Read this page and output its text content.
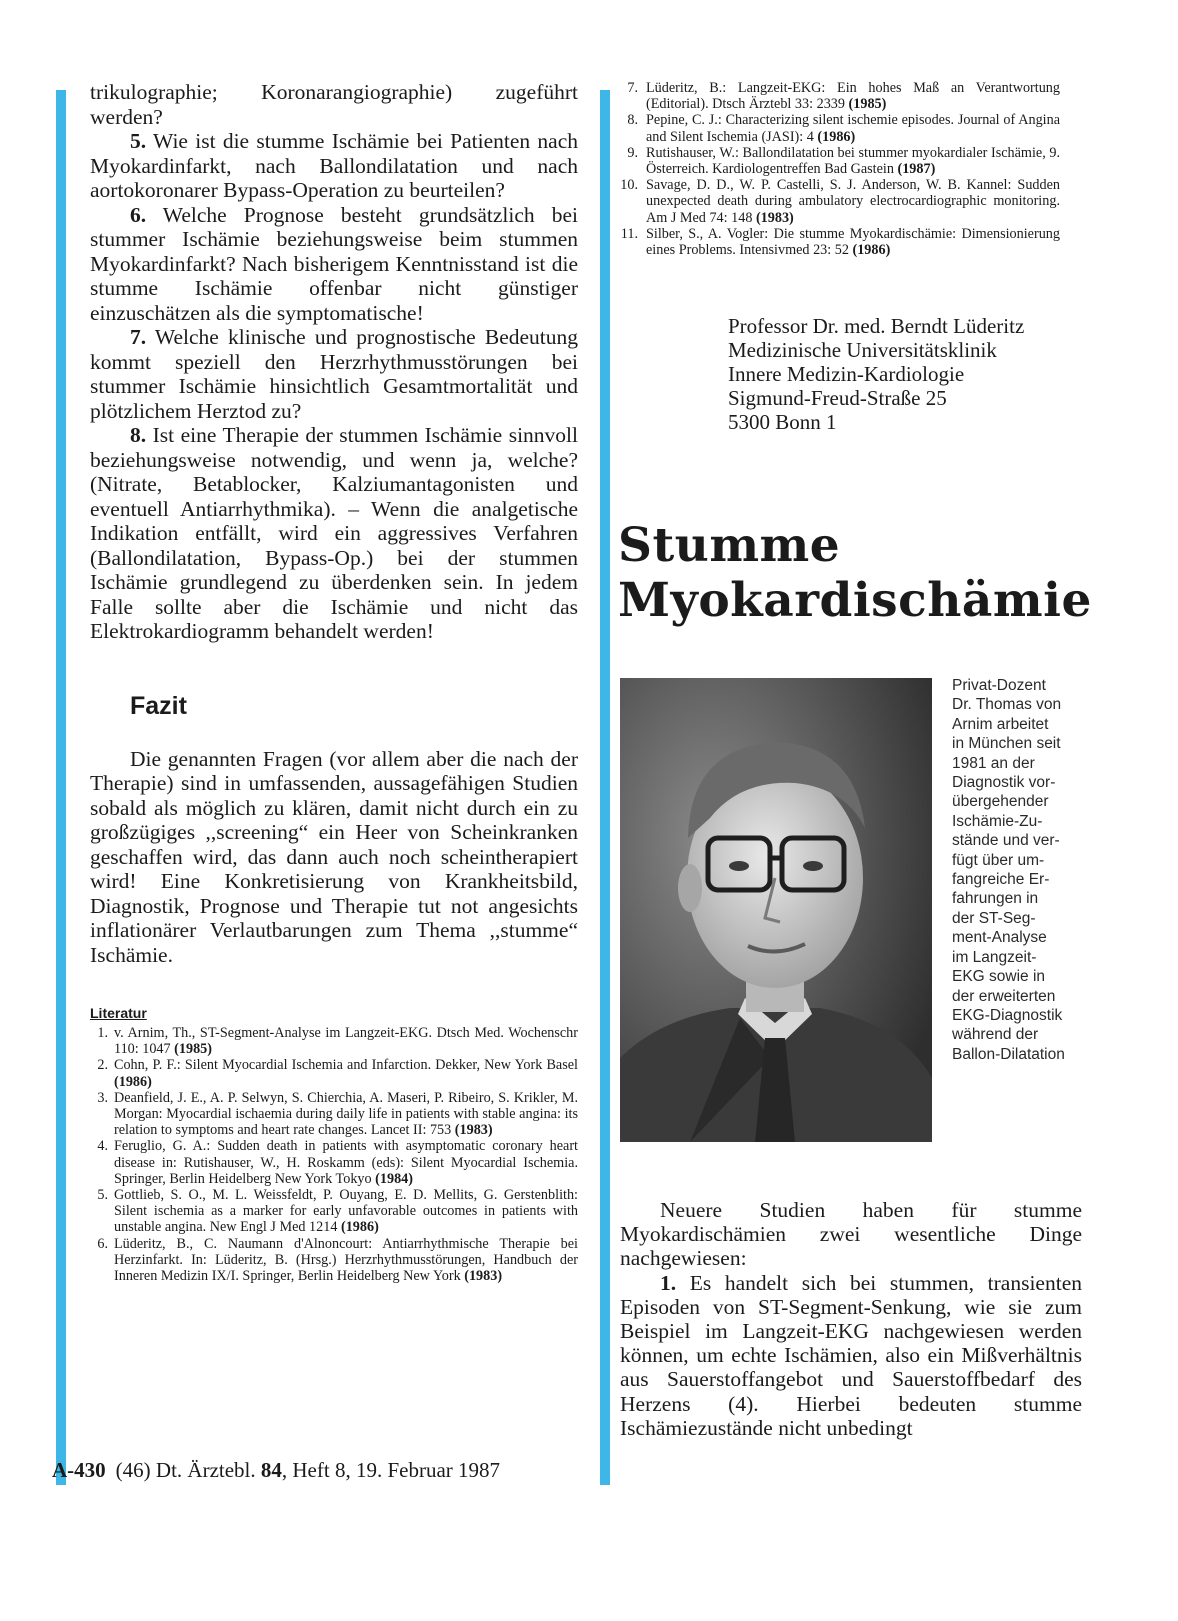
trikulographie; Koronarangiographie) zugeführt werden?

5. Wie ist die stumme Ischämie bei Patienten nach Myokardinfarkt, nach Ballondilatation und nach aortokoronarer Bypass-Operation zu beurteilen?

6. Welche Prognose besteht grundsätzlich bei stummer Ischämie beziehungsweise beim stummen Myokardinfarkt? Nach bisherigem Kenntnisstand ist die stumme Ischämie offenbar nicht günstiger einzuschätzen als die symptomatische!

7. Welche klinische und prognostische Bedeutung kommt speziell den Herzrhythmusstörungen bei stummer Ischämie hinsichtlich Gesamtmortalität und plötzlichem Herztod zu?

8. Ist eine Therapie der stummen Ischämie sinnvoll beziehungsweise notwendig, und wenn ja, welche? (Nitrate, Betablocker, Kalziumantagonisten und eventuell Antiarrhythmika). – Wenn die analgetische Indikation entfällt, wird ein aggressives Verfahren (Ballondilatation, Bypass-Op.) bei der stummen Ischämie grundlegend zu überdenken sein. In jedem Falle sollte aber die Ischämie und nicht das Elektrokardiogramm behandelt werden!

Fazit

Die genannten Fragen (vor allem aber die nach der Therapie) sind in umfassenden, aussagefähigen Studien sobald als möglich zu klären, damit nicht durch ein zu großzügiges ,,screening“ ein Heer von Scheinkranken geschaffen wird, das dann auch noch scheintherapiert wird! Eine Konkretisierung von Krankheitsbild, Diagnostik, Prognose und Therapie tut not angesichts inflationärer Verlautbarungen zum Thema ,,stumme“ Ischämie.

Literatur
1. v. Arnim, Th., ST-Segment-Analyse im Langzeit-EKG. Dtsch Med. Wochenschr 110: 1047 (1985)
2. Cohn, P. F.: Silent Myocardial Ischemia and Infarction. Dekker, New York Basel (1986)
3. Deanfield, J. E., A. P. Selwyn, S. Chierchia, A. Maseri, P. Ribeiro, S. Krikler, M. Morgan: Myocardial ischaemia during daily life in patients with stable angina: its relation to symptoms and heart rate changes. Lancet II: 753 (1983)
4. Feruglio, G. A.: Sudden death in patients with asymptomatic coronary heart disease in: Rutishauser, W., H. Roskamm (eds): Silent Myocardial Ischemia. Springer, Berlin Heidelberg New York Tokyo (1984)
5. Gottlieb, S. O., M. L. Weissfeldt, P. Ouyang, E. D. Mellits, G. Gerstenblith: Silent ischemia as a marker for early unfavorable outcomes in patients with unstable angina. New Engl J Med 1214 (1986)
6. Lüderitz, B., C. Naumann d'Alnoncourt: Antiarrhythmische Therapie bei Herzinfarkt. In: Lüderitz, B. (Hrsg.) Herzrhythmusstörungen, Handbuch der Inneren Medizin IX/I. Springer, Berlin Heidelberg New York (1983)
7. Lüderitz, B.: Langzeit-EKG: Ein hohes Maß an Verantwortung (Editorial). Dtsch Ärztebl 33: 2339 (1985)
8. Pepine, C. J.: Characterizing silent ischemie episodes. Journal of Angina and Silent Ischemia (JASI): 4 (1986)
9. Rutishauser, W.: Ballondilatation bei stummer myokardialer Ischämie, 9. Österreich. Kardiologentreffen Bad Gastein (1987)
10. Savage, D. D., W. P. Castelli, S. J. Anderson, W. B. Kannel: Sudden unexpected death during ambulatory electrocardiographic monitoring. Am J Med 74: 148 (1983)
11. Silber, S., A. Vogler: Die stumme Myokardischämie: Dimensionierung eines Problems. Intensivmed 23: 52 (1986)
Professor Dr. med. Berndt Lüderitz
Medizinische Universitätsklinik
Innere Medizin-Kardiologie
Sigmund-Freud-Straße 25
5300 Bonn 1
Stumme
Myokardischämie
Privat-Dozent
Dr. Thomas von
Arnim arbeitet
in München seit
1981 an der
Diagnostik vor-
übergehender
Ischämie-Zu-
stände und ver-
fügt über um-
fangreiche Er-
fahrungen in
der ST-Seg-
ment-Analyse
im Langzeit-
EKG sowie in
der erweiterten
EKG-Diagnostik
während der
Ballon-Dilatation

Neuere Studien haben für stumme Myokardischämien zwei wesentliche Dinge nachgewiesen:

1. Es handelt sich bei stummen, transienten Episoden von ST-Segment-Senkung, wie sie zum Beispiel im Langzeit-EKG nachgewiesen werden können, um echte Ischämien, also ein Mißverhältnis aus Sauerstoffangebot und Sauerstoffbedarf des Herzens (4). Hierbei bedeuten stumme Ischämiezustände nicht unbedingt

A-430 (46) Dt. Ärztebl. 84, Heft 8, 19. Februar 1987
